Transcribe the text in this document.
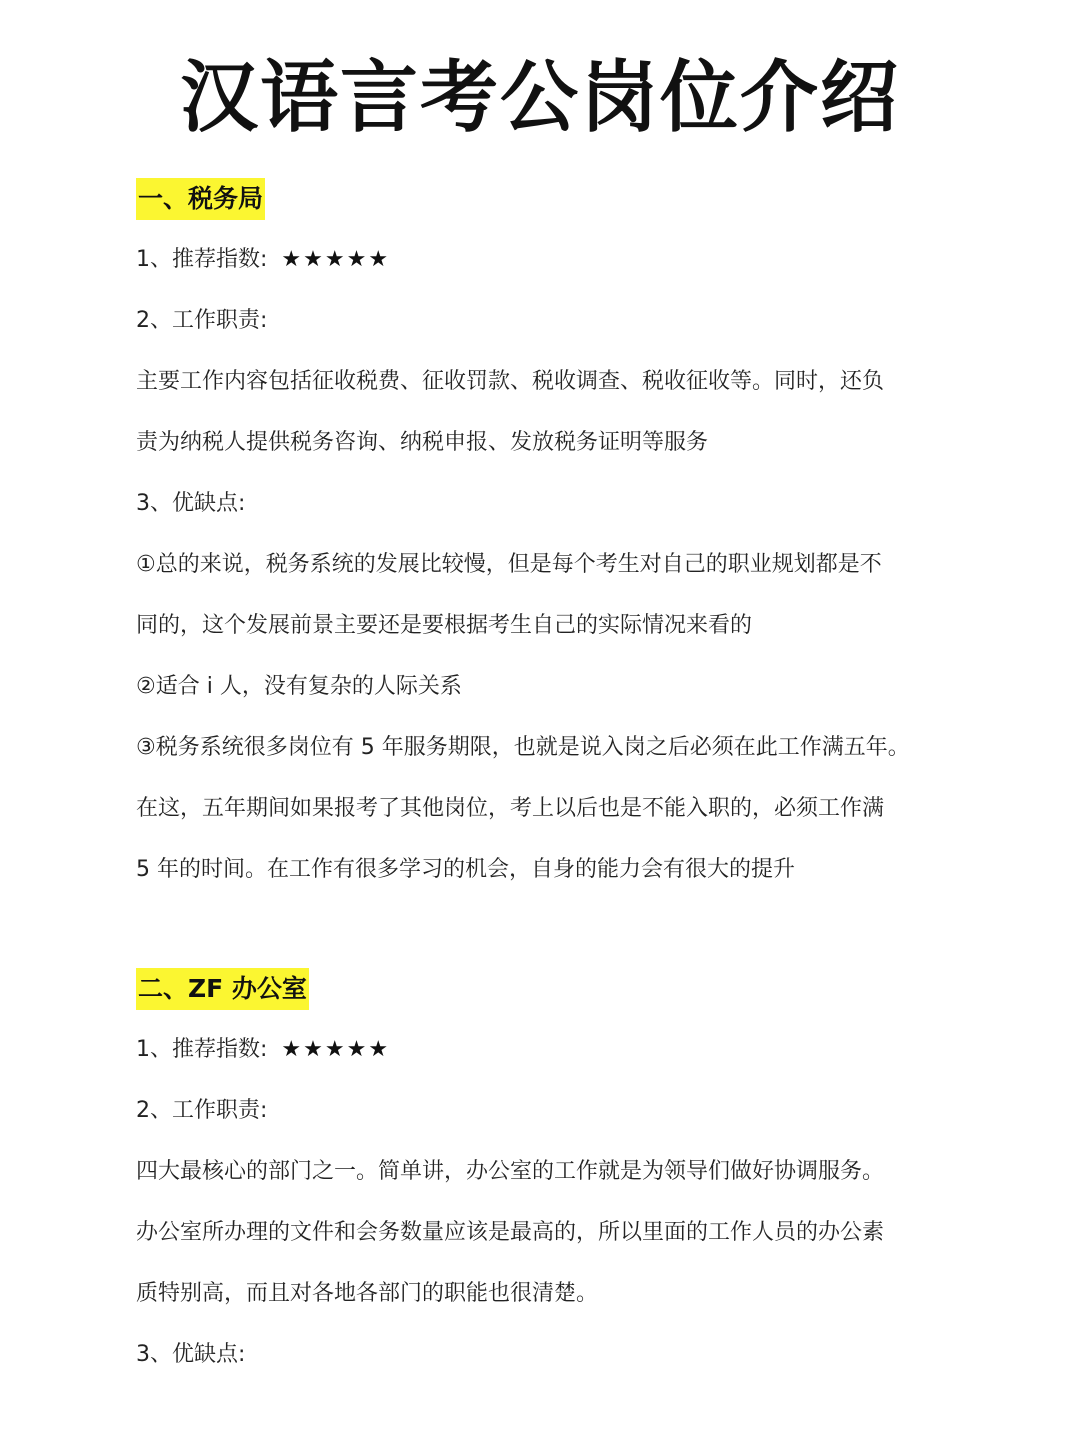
汉语言考公岗位介绍
一、税务局
1、推荐指数: ★★★★★
2、工作职责:
主要工作内容包括征收税费、征收罚款、税收调查、税收征收等。同时，还负
责为纳税人提供税务咨询、纳税申报、发放税务证明等服务
3、优缺点:
①总的来说，税务系统的发展比较慢，但是每个考生对自己的职业规划都是不
同的，这个发展前景主要还是要根据考生自己的实际情况来看的
②适合 i 人，没有复杂的人际关系
③税务系统很多岗位有 5 年服务期限，也就是说入岗之后必须在此工作满五年。
在这，五年期间如果报考了其他岗位，考上以后也是不能入职的，必须工作满
5 年的时间。在工作有很多学习的机会，自身的能力会有很大的提升
二、ZF 办公室
1、推荐指数: ★★★★★
2、工作职责:
四大最核心的部门之一。简单讲，办公室的工作就是为领导们做好协调服务。
办公室所办理的文件和会务数量应该是最高的，所以里面的工作人员的办公素
质特别高，而且对各地各部门的职能也很清楚。
3、优缺点:
